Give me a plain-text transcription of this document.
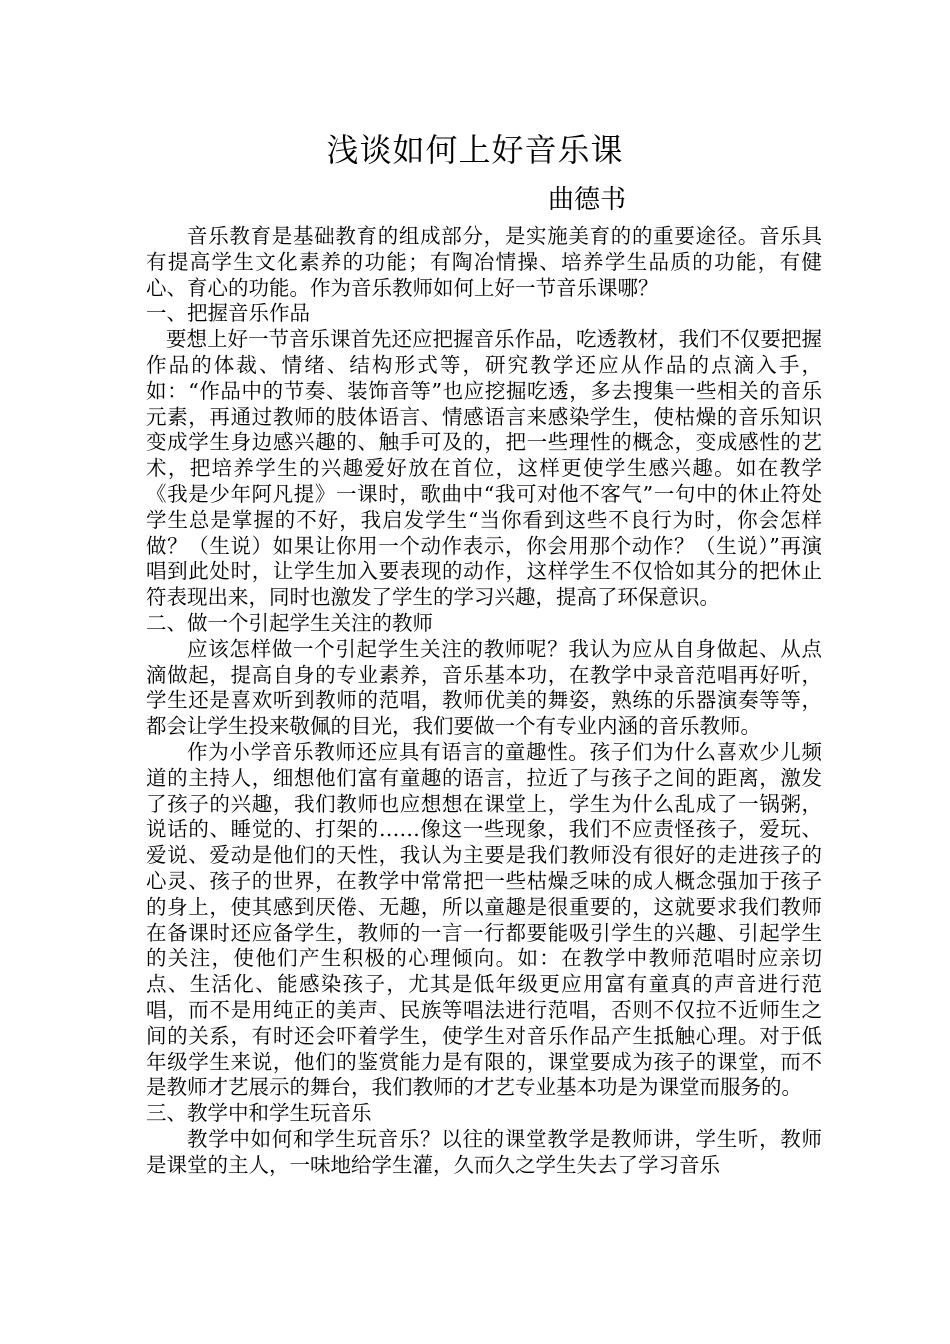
浅谈如何上好音乐课
曲德书

音乐教育是基础教育的组成部分，是实施美育的的重要途径。音乐具有提高学生文化素养的功能；有陶冶情操、培养学生品质的功能，有健心、育心的功能。作为音乐教师如何上好一节音乐课哪？

一、把握音乐作品

要想上好一节音乐课首先还应把握音乐作品，吃透教材，我们不仅要把握作品的体裁、情绪、结构形式等，研究教学还应从作品的点滴入手，如：“作品中的节奏、装饰音等”也应挖掘吃透，多去搜集一些相关的音乐元素，再通过教师的肢体语言、情感语言来感染学生，使枯燥的音乐知识变成学生身边感兴趣的、触手可及的，把一些理性的概念，变成感性的艺术，把培养学生的兴趣爱好放在首位，这样更使学生感兴趣。如在教学《我是少年阿凡提》一课时，歌曲中“我可对他不客气”一句中的休止符处学生总是掌握的不好，我启发学生“当你看到这些不良行为时，你会怎样做？（生说）如果让你用一个动作表示，你会用那个动作？（生说）”再演唱到此处时，让学生加入要表现的动作，这样学生不仅恰如其分的把休止符表现出来，同时也激发了学生的学习兴趣，提高了环保意识。

二、做一个引起学生关注的教师

应该怎样做一个引起学生关注的教师呢？我认为应从自身做起、从点滴做起，提高自身的专业素养，音乐基本功，在教学中录音范唱再好听，学生还是喜欢听到教师的范唱，教师优美的舞姿，熟练的乐器演奏等等，都会让学生投来敬佩的目光，我们要做一个有专业内涵的音乐教师。

作为小学音乐教师还应具有语言的童趣性。孩子们为什么喜欢少儿频道的主持人，细想他们富有童趣的语言，拉近了与孩子之间的距离，激发了孩子的兴趣，我们教师也应想想在课堂上，学生为什么乱成了一锅粥，说话的、睡觉的、打架的……像这一些现象，我们不应责怪孩子，爱玩、爱说、爱动是他们的天性，我认为主要是我们教师没有很好的走进孩子的心灵、孩子的世界，在教学中常常把一些枯燥乏味的成人概念强加于孩子的身上，使其感到厌倦、无趣，所以童趣是很重要的，这就要求我们教师在备课时还应备学生，教师的一言一行都要能吸引学生的兴趣、引起学生的关注，使他们产生积极的心理倾向。如：在教学中教师范唱时应亲切点、生活化、能感染孩子，尤其是低年级更应用富有童真的声音进行范唱，而不是用纯正的美声、民族等唱法进行范唱，否则不仅拉不近师生之间的关系，有时还会吓着学生，使学生对音乐作品产生抵触心理。对于低年级学生来说，他们的鉴赏能力是有限的，课堂要成为孩子的课堂，而不是教师才艺展示的舞台，我们教师的才艺专业基本功是为课堂而服务的。

三、教学中和学生玩音乐

教学中如何和学生玩音乐？以往的课堂教学是教师讲，学生听，教师是课堂的主人，一味地给学生灌，久而久之学生失去了学习音乐
